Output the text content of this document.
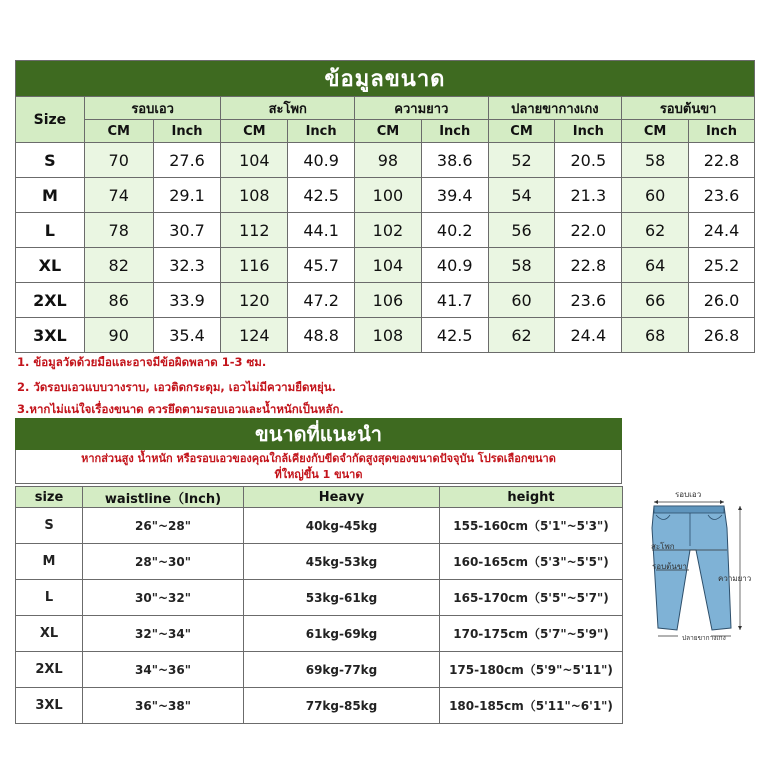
ข้อมูลขนาด										
Size	รอบเอว		สะโพก		ความยาว		ปลายขากางเกง		รอบต้นขา	
	CM	Inch	CM	Inch	CM	Inch	CM	Inch	CM	Inch
S	70	27.6	104	40.9	98	38.6	52	20.5	58	22.8
M	74	29.1	108	42.5	100	39.4	54	21.3	60	23.6
L	78	30.7	112	44.1	102	40.2	56	22.0	62	24.4
XL	82	32.3	116	45.7	104	40.9	58	22.8	64	25.2
2XL	86	33.9	120	47.2	106	41.7	60	23.6	66	26.0
3XL	90	35.4	124	48.8	108	42.5	62	24.4	68	26.8
1. ข้อมูลวัดด้วยมือและอาจมีข้อผิดพลาด 1-3 ซม.
2. วัดรอบเอวแบบวางราบ, เอวติดกระดุม, เอวไม่มีความยืดหยุ่น.
3.หากไม่แน่ใจเรื่องขนาด ควรยึดตามรอบเอวและน้ำหนักเป็นหลัก.
ขนาดที่แนะนำ
หากส่วนสูง น้ำหนัก หรือรอบเอวของคุณใกล้เคียงกับขีดจำกัดสูงสุดของขนาดปัจจุบัน โปรดเลือกขนาด
ที่ใหญ่ขึ้น 1 ขนาด
size	waistline（Inch)	Heavy	height
S	26"~28"	40kg-45kg	155-160cm（5'1"~5'3")
M	28"~30"	45kg-53kg	160-165cm（5'3"~5'5")
L	30"~32"	53kg-61kg	165-170cm（5'5"~5'7")
XL	32"~34"	61kg-69kg	170-175cm（5'7"~5'9")
2XL	34"~36"	69kg-77kg	175-180cm（5'9"~5'11")
3XL	36"~38"	77kg-85kg	180-185cm（5'11"~6'1")
รอบเอว
สะโพก
รอบต้นขา
ความยาว
ปลายขากางเกง
